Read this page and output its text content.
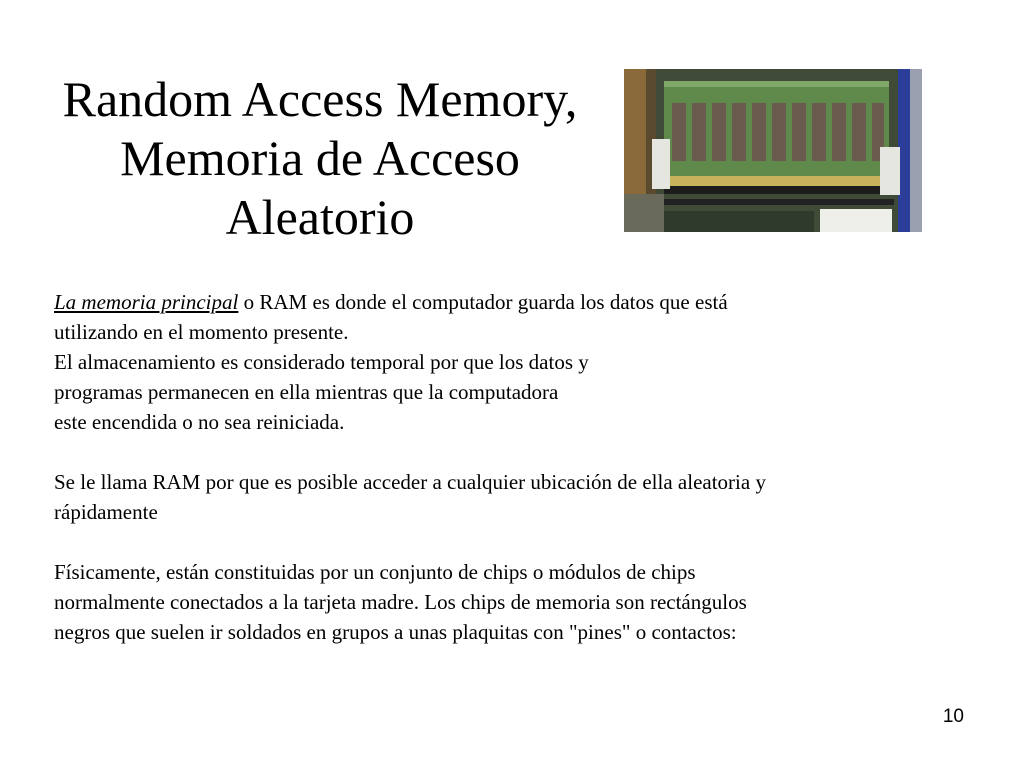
Random Access Memory,
Memoria de Acceso
Aleatorio

La memoria principal o RAM es donde el computador guarda los datos que está
utilizando en el momento presente.
El almacenamiento es considerado temporal por que los datos y
programas permanecen en ella mientras que la computadora
este encendida o no sea reiniciada.

Se le llama RAM por que es posible acceder a cualquier ubicación de ella aleatoria y
rápidamente

Físicamente, están constituidas por un conjunto de chips o módulos de chips
normalmente conectados a la tarjeta madre. Los chips de memoria son rectángulos
negros que suelen ir soldados en grupos a unas plaquitas con "pines" o contactos:

10
